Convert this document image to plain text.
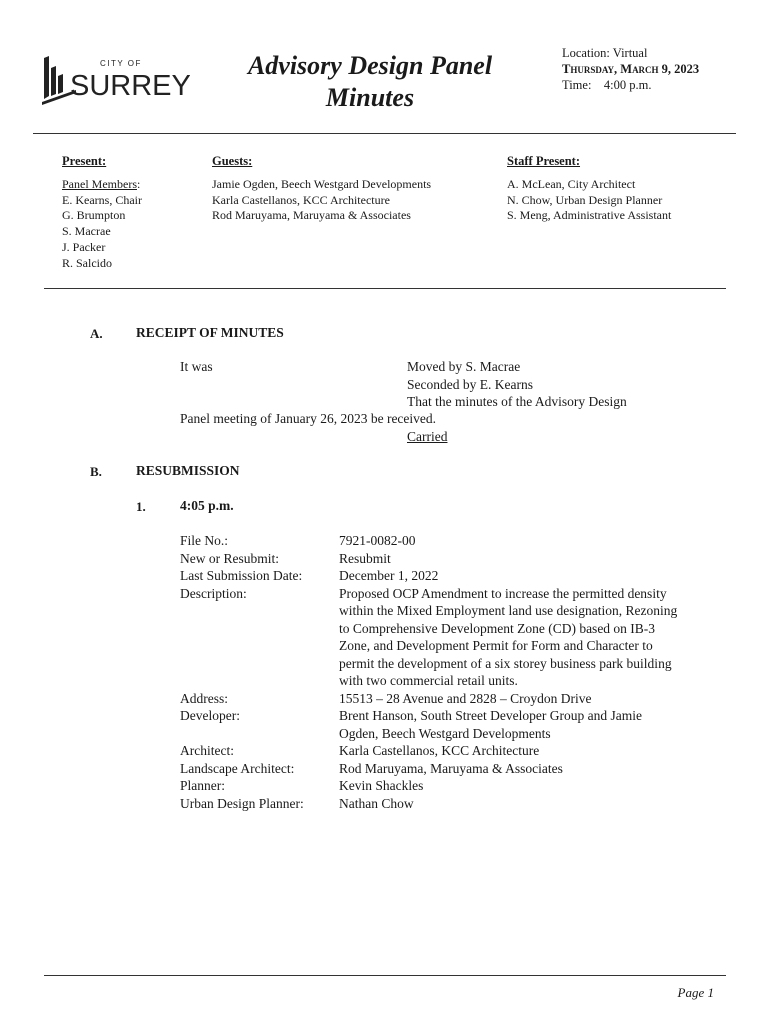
CITY OF
SURREY
Advisory Design Panel
Minutes
Location: Virtual
Thursday, March 9, 2023
Time: 4:00 p.m.
Present:
Panel Members:
E. Kearns, Chair
G. Brumpton
S. Macrae
J. Packer
R. Salcido
Guests:
Jamie Ogden, Beech Westgard Developments
Karla Castellanos, KCC Architecture
Rod Maruyama, Maruyama & Associates
Staff Present:
A. McLean, City Architect
N. Chow, Urban Design Planner
S. Meng, Administrative Assistant
A. RECEIPT OF MINUTES
It was	Moved by S. Macrae
Seconded by E. Kearns
That the minutes of the Advisory Design
Panel meeting of January 26, 2023 be received.
Carried
B.	RESUBMISSION
1.	4:05 p.m.
File No.:	7921-0082-00
New or Resubmit:	Resubmit
Last Submission Date:	December 1, 2022
Description:	Proposed OCP Amendment to increase the permitted density within the Mixed Employment land use designation, Rezoning to Comprehensive Development Zone (CD) based on IB-3 Zone, and Development Permit for Form and Character to permit the development of a six storey business park building with two commercial retail units.
Address:	15513 – 28 Avenue and 2828 – Croydon Drive
Developer:	Brent Hanson, South Street Developer Group and Jamie Ogden, Beech Westgard Developments
Architect:	Karla Castellanos, KCC Architecture
Landscape Architect:	Rod Maruyama, Maruyama & Associates
Planner:	Kevin Shackles
Urban Design Planner:	Nathan Chow
Page 1
